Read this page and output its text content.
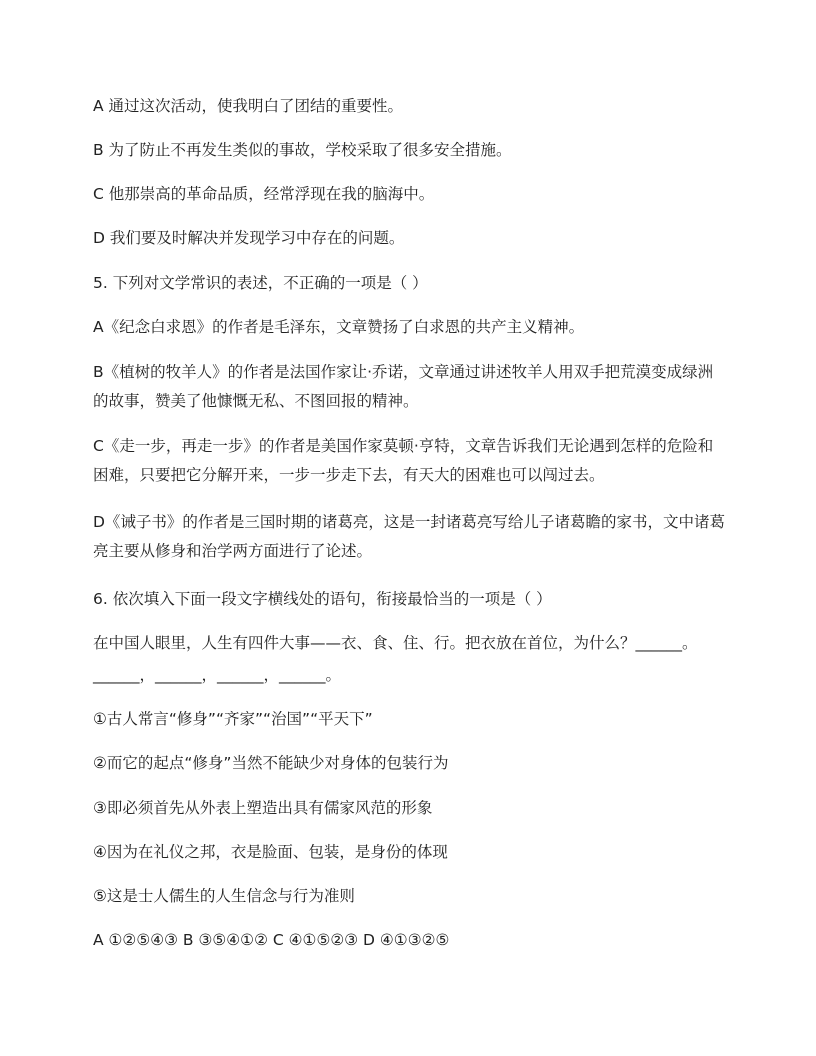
A 通过这次活动，使我明白了团结的重要性。
B 为了防止不再发生类似的事故，学校采取了很多安全措施。
C 他那崇高的革命品质，经常浮现在我的脑海中。
D 我们要及时解决并发现学习中存在的问题。
5. 下列对文学常识的表述，不正确的一项是（ ）
A《纪念白求恩》的作者是毛泽东，文章赞扬了白求恩的共产主义精神。
B《植树的牧羊人》的作者是法国作家让·乔诺，文章通过讲述牧羊人用双手把荒漠变成绿洲的故事，赞美了他慷慨无私、不图回报的精神。
C《走一步，再走一步》的作者是美国作家莫顿·亨特，文章告诉我们无论遇到怎样的危险和困难，只要把它分解开来，一步一步走下去，有天大的困难也可以闯过去。
D《诫子书》的作者是三国时期的诸葛亮，这是一封诸葛亮写给儿子诸葛瞻的家书，文中诸葛亮主要从修身和治学两方面进行了论述。
6. 依次填入下面一段文字横线处的语句，衔接最恰当的一项是（ ）
在中国人眼里，人生有四件大事——衣、食、住、行。把衣放在首位，为什么？______。
______，______，______，______。
①古人常言“修身”“齐家”“治国”“平天下”
②而它的起点“修身”当然不能缺少对身体的包装行为
③即必须首先从外表上塑造出具有儒家风范的形象
④因为在礼仪之邦，衣是脸面、包装，是身份的体现
⑤这是士人儒生的人生信念与行为准则
A ①②⑤④③ B ③⑤④①② C ④①⑤②③ D ④①③②⑤
